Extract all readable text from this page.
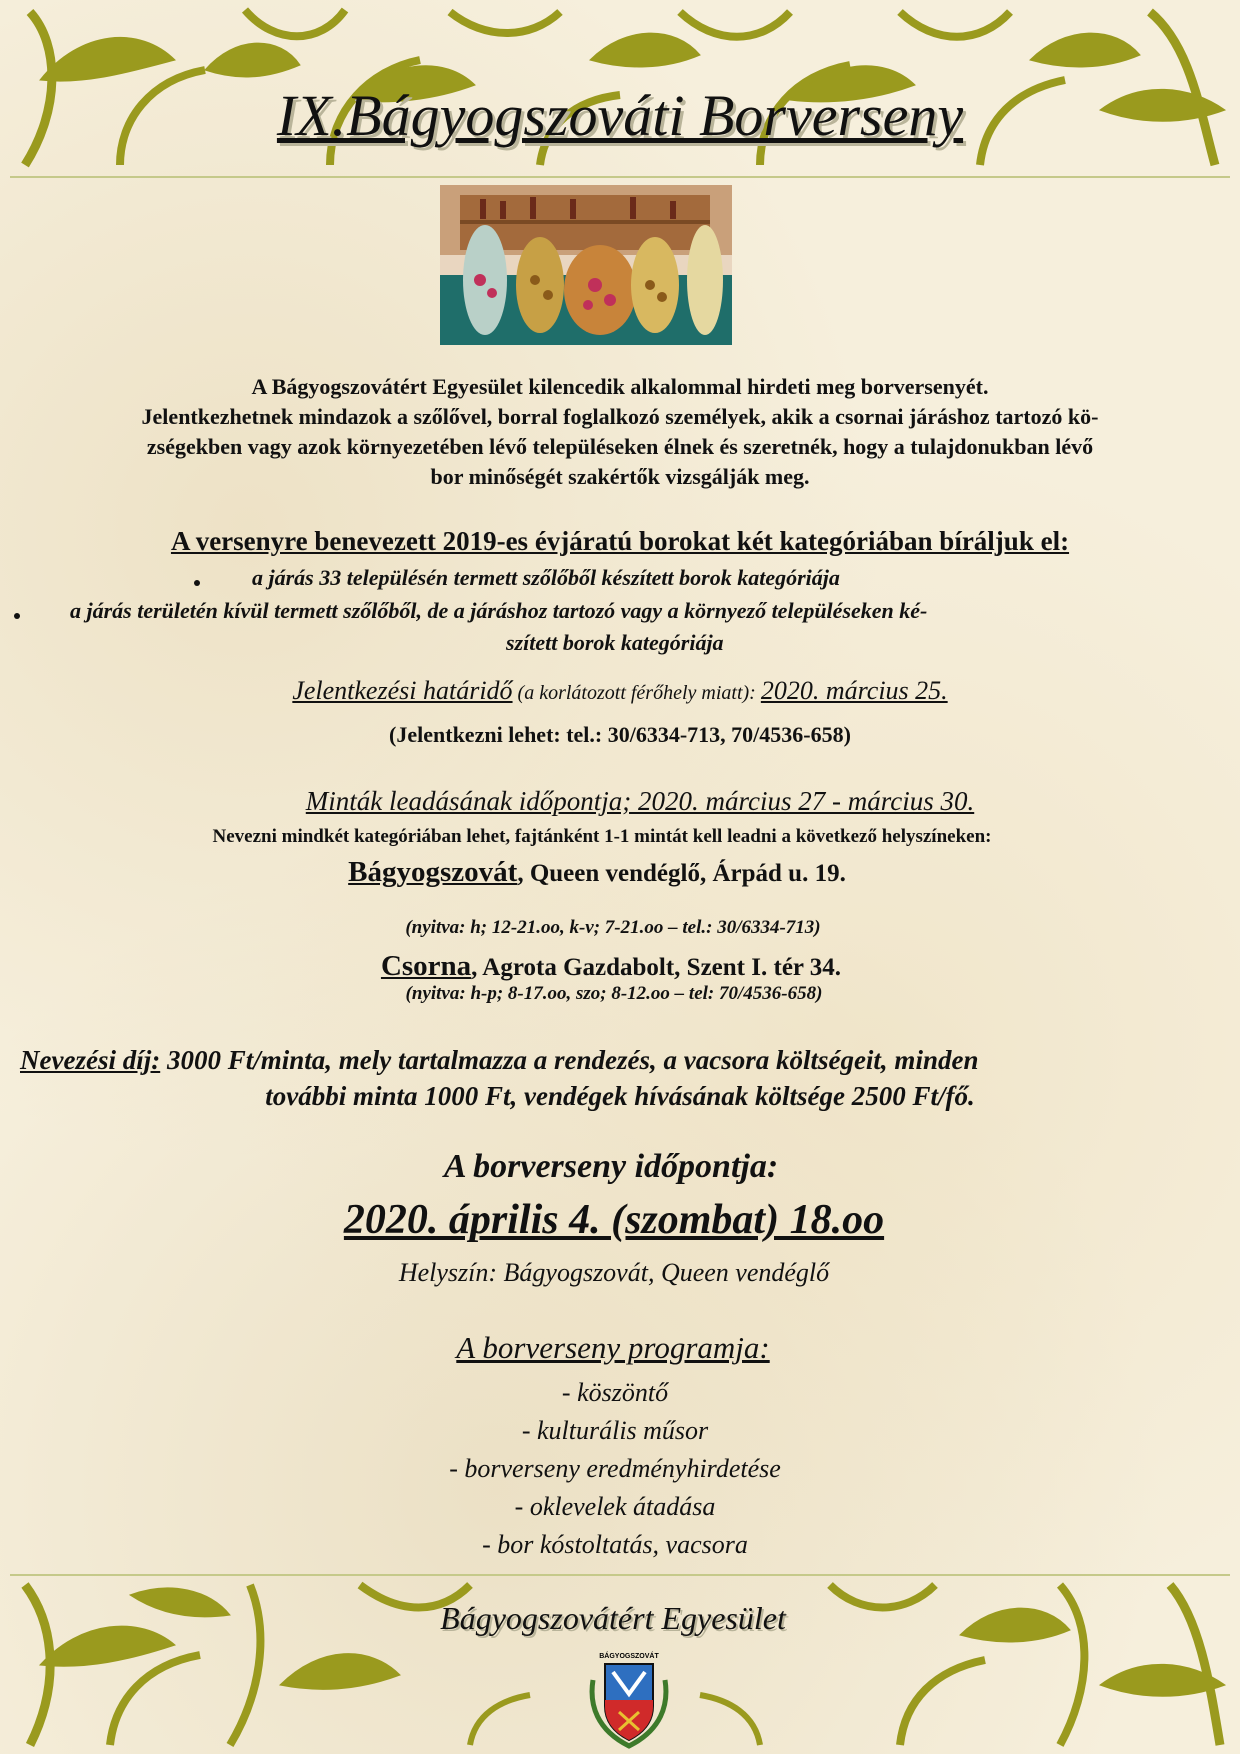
IX.Bágyogszováti Borverseny
A Bágyogszovátért Egyesület kilencedik alkalommal hirdeti meg borversenyét.
Jelentkezhetnek mindazok a szőlővel, borral foglalkozó személyek, akik a csornai járáshoz tartozó kö-
zségekben vagy azok környezetében lévő településeken élnek és szeretnék, hogy a tulajdonukban lévő
bor minőségét szakértők vizsgálják meg.
A versenyre benevezett 2019-es évjáratú borokat két kategóriában bíráljuk el:
a járás 33 településén termett szőlőből készített borok kategóriája
a járás területén kívül termett szőlőből, de a járáshoz tartozó vagy a környező településeken ké-
szített borok kategóriája
Jelentkezési határidő (a korlátozott férőhely miatt): 2020. március 25.
(Jelentkezni lehet: tel.: 30/6334-713, 70/4536-658)
Minták leadásának időpontja; 2020. március 27 - március 30.
Nevezni mindkét kategóriában lehet, fajtánként 1-1 mintát kell leadni a következő helyszíneken:
Bágyogszovát, Queen vendéglő, Árpád u. 19.
(nyitva: h; 12-21.oo, k-v; 7-21.oo – tel.: 30/6334-713)
Csorna, Agrota Gazdabolt, Szent I. tér 34.
(nyitva: h-p; 8-17.oo, szo; 8-12.oo – tel: 70/4536-658)
Nevezési díj: 3000 Ft/minta, mely tartalmazza a rendezés, a vacsora költségeit, minden
további minta 1000 Ft, vendégek hívásának költsége 2500 Ft/fő.
A borverseny időpontja:
2020. április 4. (szombat) 18.oo
Helyszín: Bágyogszovát, Queen vendéglő
A borverseny programja:
- köszöntő
- kulturális műsor
- borverseny eredményhirdetése
- oklevelek átadása
- bor kóstoltatás, vacsora
Bágyogszovátért Egyesület
BÁGYOGSZOVÁT
